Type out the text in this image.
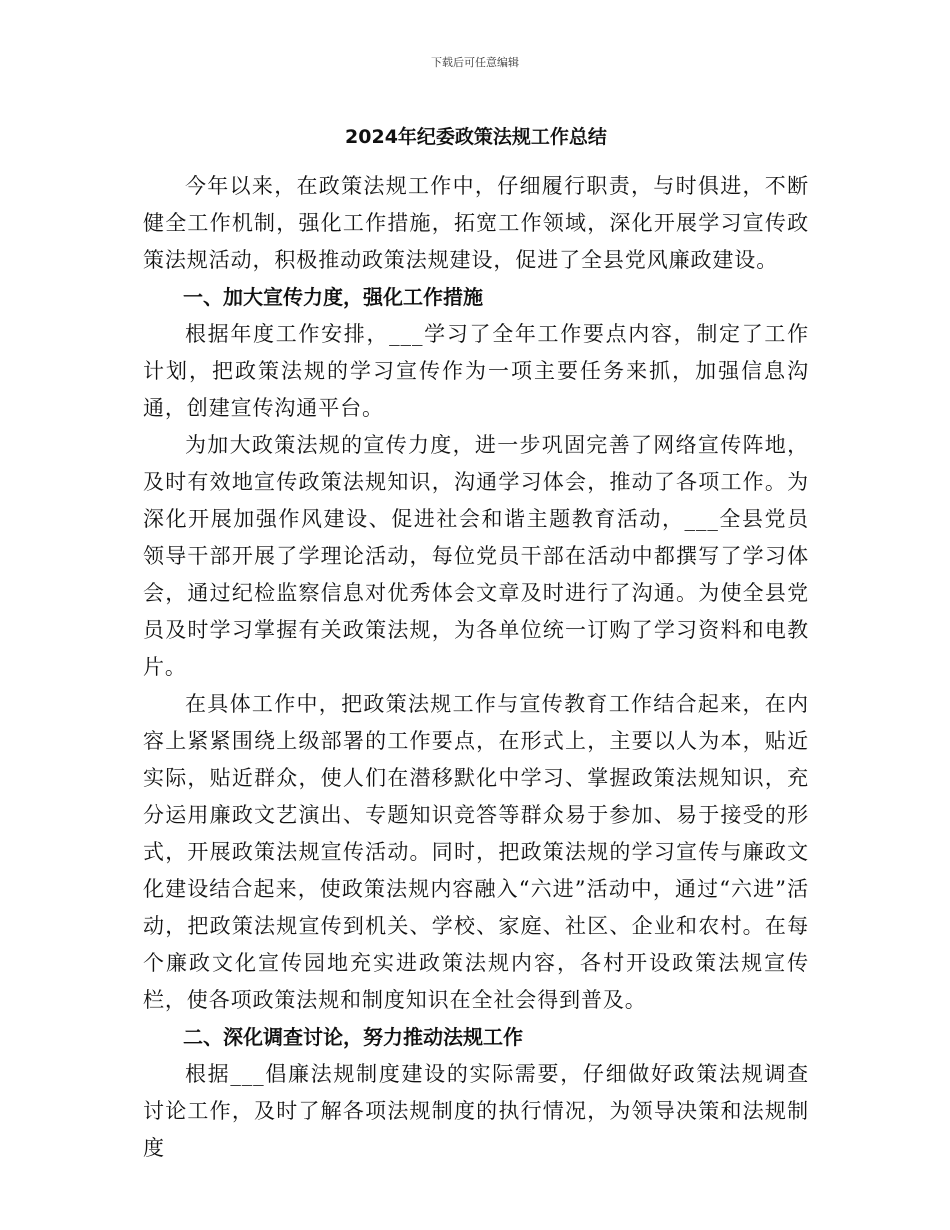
下载后可任意编辑
2024年纪委政策法规工作总结

今年以来，在政策法规工作中，仔细履行职责，与时俱进，不断健全工作机制，强化工作措施，拓宽工作领域，深化开展学习宣传政策法规活动，积极推动政策法规建设，促进了全县党风廉政建设。

一、加大宣传力度，强化工作措施

根据年度工作安排，___学习了全年工作要点内容，制定了工作计划，把政策法规的学习宣传作为一项主要任务来抓，加强信息沟通，创建宣传沟通平台。

为加大政策法规的宣传力度，进一步巩固完善了网络宣传阵地，及时有效地宣传政策法规知识，沟通学习体会，推动了各项工作。为深化开展加强作风建设、促进社会和谐主题教育活动，___全县党员领导干部开展了学理论活动，每位党员干部在活动中都撰写了学习体会，通过纪检监察信息对优秀体会文章及时进行了沟通。为使全县党员及时学习掌握有关政策法规，为各单位统一订购了学习资料和电教片。

在具体工作中，把政策法规工作与宣传教育工作结合起来，在内容上紧紧围绕上级部署的工作要点，在形式上，主要以人为本，贴近实际，贴近群众，使人们在潜移默化中学习、掌握政策法规知识，充分运用廉政文艺演出、专题知识竞答等群众易于参加、易于接受的形式，开展政策法规宣传活动。同时，把政策法规的学习宣传与廉政文化建设结合起来，使政策法规内容融入“六进”活动中，通过“六进”活动，把政策法规宣传到机关、学校、家庭、社区、企业和农村。在每个廉政文化宣传园地充实进政策法规内容，各村开设政策法规宣传栏，使各项政策法规和制度知识在全社会得到普及。

二、深化调查讨论，努力推动法规工作

根据___倡廉法规制度建设的实际需要，仔细做好政策法规调查讨论工作，及时了解各项法规制度的执行情况，为领导决策和法规制度
